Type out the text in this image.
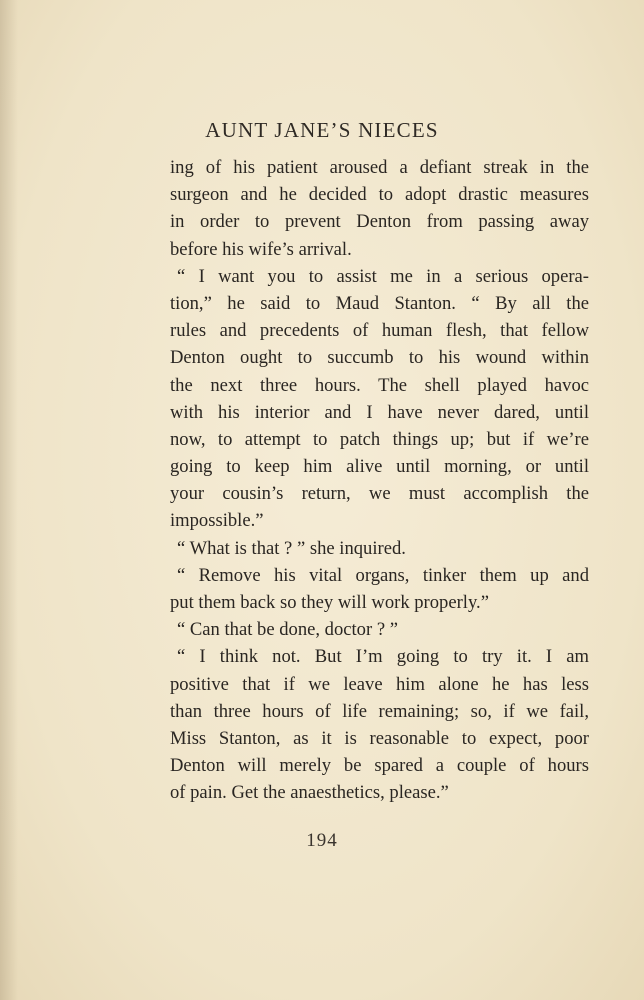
AUNT JANE’S NIECES
ing of his patient aroused a defiant streak in the
surgeon and he decided to adopt drastic measures
in order to prevent Denton from passing away
before his wife’s arrival.
“ I want you to assist me in a serious opera-
tion,” he said to Maud Stanton. “ By all the
rules and precedents of human flesh, that fellow
Denton ought to succumb to his wound within
the next three hours. The shell played havoc
with his interior and I have never dared, until
now, to attempt to patch things up; but if we’re
going to keep him alive until morning, or until
your cousin’s return, we must accomplish the
impossible.”
“ What is that ? ” she inquired.
“ Remove his vital organs, tinker them up and
put them back so they will work properly.”
“ Can that be done, doctor ? ”
“ I think not. But I’m going to try it. I am
positive that if we leave him alone he has less
than three hours of life remaining; so, if we fail,
Miss Stanton, as it is reasonable to expect, poor
Denton will merely be spared a couple of hours
of pain. Get the anaesthetics, please.”
194
